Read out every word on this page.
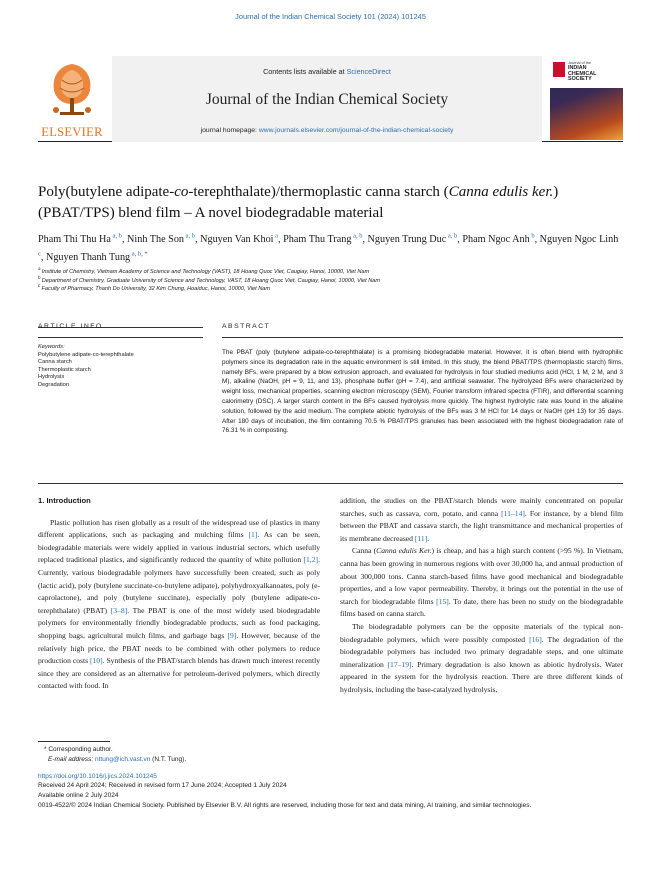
Journal of the Indian Chemical Society 101 (2024) 101245
ELSEVIER
Contents lists available at ScienceDirect
Journal of the Indian Chemical Society
journal homepage: www.journals.elsevier.com/journal-of-the-indian-chemical-society
Journal of the
INDIAN
CHEMICAL
SOCIETY
Poly(butylene adipate-co-terephthalate)/thermoplastic canna starch (Canna edulis ker.) (PBAT/TPS) blend film – A novel biodegradable material
Pham Thi Thu Ha $^{a, b}$, Ninh The Son $^{a, b}$, Nguyen Van Khoi $^a$, Pham Thu Trang $^{a, b}$, Nguyen Trung Duc $^{a, b}$, Pham Ngoc Anh $^b$, Nguyen Ngoc Linh $^c$, Nguyen Thanh Tung $^{a, b, *}$
$^a$ Institute of Chemistry, Vietnam Academy of Science and Technology (VAST), 18 Hoang Quoc Viet, Caugiay, Hanoi, 10000, Viet Nam
$^b$ Department of Chemistry, Graduate University of Science and Technology, VAST, 18 Hoang Quoc Viet, Caugiay, Hanoi, 10000, Viet Nam
$^c$ Faculty of Pharmacy, Thanh Do University, 32 Kim Chung, Hoaiduc, Hanoi, 10000, Viet Nam
ARTICLE INFO	ABSTRACT
Keywords:
Polybutylene adipate-co-terephthalate
Canna starch
Thermoplastic starch
Hydrolysis
Degradation
The PBAT (poly (butylene adipate-co-terephthalate) is a promising biodegradable material. However, it is often blend with hydrophilic polymers since its degradation rate in the aquatic environment is still limited. In this study, the blend PBAT/TPS (thermoplastic starch) films, namely BFs, were prepared by a blow extrusion approach, and evaluated for hydrolysis in four studied mediums acid (HCl, 1 M, 2 M, and 3 M), alkaline (NaOH, pH = 9, 11, and 13), phosphate buffer (pH = 7.4), and artificial seawater. The hydrolyzed BFs were characterized by weight loss, mechanical properties, scanning electron microscopy (SEM), Fourier transform infrared spectra (FTIR), and differential scanning calorimetry (DSC). A larger starch content in the BFs caused hydrolysis more quickly. The highest hydrolytic rate was found in the alkaline solution, followed by the acid medium. The complete abiotic hydrolysis of the BFs was 3 M HCl for 14 days or NaOH (pH 13) for 35 days. After 180 days of incubation, the film containing 70.5 % PBAT/TPS granules has been associated with the highest biodegradation rate of 76.31 % in composting.
1. Introduction
Plastic pollution has risen globally as a result of the widespread use of plastics in many different applications, such as packaging and mulching films [1]. As can be seen, biodegradable materials were widely applied in various industrial sectors, which usefully replaced traditional plastics, and significantly reduced the quantity of white pollution [1,2]. Currently, various biodegradable polymers have successfully been created, such as poly (lactic acid), poly (butylene succinate-co-butylene adipate), polyhydroxyalkanoates, poly (e-caprolactone), and poly (butylene succinate), especially poly (butylene adipate-co-terephthalate) (PBAT) [3–8]. The PBAT is one of the most widely used biodegradable polymers for environmentally friendly biodegradable products, such as food packaging, shopping bags, agricultural mulch films, and garbage bags [9]. However, because of the relatively high price, the PBAT needs to be combined with other polymers to reduce production costs [10]. Synthesis of the PBAT/starch blends has drawn much interest recently since they are considered as an alternative for petroleum-derived polymers, which directly contacted with food. In
addition, the studies on the PBAT/starch blends were mainly concentrated on popular starches, such as cassava, corn, potato, and canna [11–14]. For instance, by a blend film between the PBAT and cassava starch, the light transmittance and mechanical properties of its membrane decreased [11].
Canna (Canna edulis Ker.) is cheap, and has a high starch content (>95 %). In Vietnam, canna has been growing in numerous regions with over 30,000 ha, and annual production of about 300,000 tons. Canna starch-based films have good mechanical and biodegradable properties, and a low vapor permeability. Thereby, it brings out the potential in the use of starch for biodegradable films [15]. To date, there has been no study on the biodegradable films based on canna starch.
The biodegradable polymers can be the opposite materials of the typical non-biodegradable polymers, which were possibly composted [16]. The degradation of the biodegradable polymers has included two primary degradable steps, and one ultimate mineralization [17–19]. Primary degradation is also known as abiotic hydrolysis. Water appeared in the system for the hydrolysis reaction. There are three different kinds of hydrolysis, including the base-catalyzed hydrolysis,
* Corresponding author.
E-mail address: nttung@ich.vast.vn (N.T. Tung).
https://doi.org/10.1016/j.jics.2024.101245
Received 24 April 2024; Received in revised form 17 June 2024; Accepted 1 July 2024
Available online 2 July 2024
0019-4522/© 2024 Indian Chemical Society. Published by Elsevier B.V. All rights are reserved, including those for text and data mining, AI training, and similar technologies.
